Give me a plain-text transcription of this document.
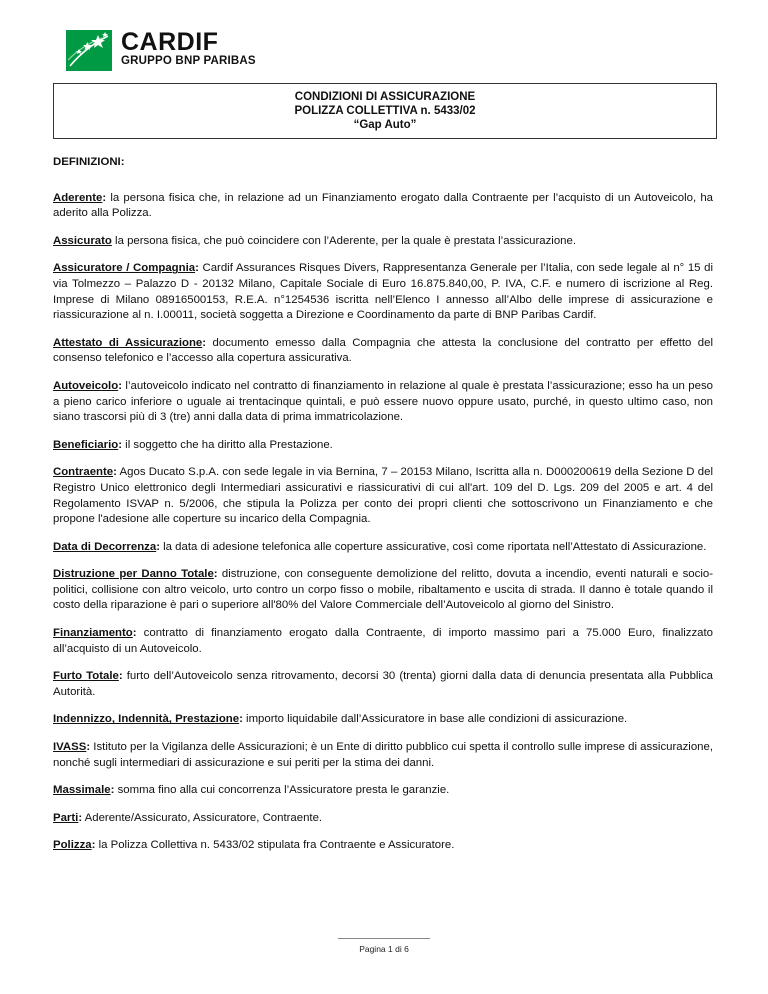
CARDIF
GRUPPO BNP PARIBAS
CONDIZIONI DI ASSICURAZIONE
POLIZZA COLLETTIVA n. 5433/02
“Gap Auto”

DEFINIZIONI:

Aderente: la persona fisica che, in relazione ad un Finanziamento erogato dalla Contraente per l’acquisto di un Autoveicolo, ha aderito alla Polizza.

Assicurato la persona fisica, che può coincidere con l’Aderente, per la quale è prestata l’assicurazione.

Assicuratore / Compagnia: Cardif Assurances Risques Divers, Rappresentanza Generale per l’Italia, con sede legale al n° 15 di via Tolmezzo – Palazzo D - 20132 Milano, Capitale Sociale di Euro 16.875.840,00, P. IVA, C.F. e numero di iscrizione al Reg. Imprese di Milano 08916500153, R.E.A. n°1254536 iscritta nell’Elenco I annesso all’Albo delle imprese di assicurazione e riassicurazione al n. I.00011, società soggetta a Direzione e Coordinamento da parte di BNP Paribas Cardif.

Attestato di Assicurazione: documento emesso dalla Compagnia che attesta la conclusione del contratto per effetto del consenso telefonico e l’accesso alla copertura assicurativa.

Autoveicolo: l’autoveicolo indicato nel contratto di finanziamento in relazione al quale è prestata l’assicurazione; esso ha un peso a pieno carico inferiore o uguale ai trentacinque quintali, e può essere nuovo oppure usato, purché, in questo ultimo caso, non siano trascorsi più di 3 (tre) anni dalla data di prima immatricolazione.

Beneficiario: il soggetto che ha diritto alla Prestazione.

Contraente: Agos Ducato S.p.A. con sede legale in via Bernina, 7 – 20153 Milano, Iscritta alla n. D000200619 della Sezione D del Registro Unico elettronico degli Intermediari assicurativi e riassicurativi di cui all'art. 109 del D. Lgs. 209 del 2005 e art. 4 del Regolamento ISVAP n. 5/2006, che stipula la Polizza per conto dei propri clienti che sottoscrivono un Finanziamento e che propone l'adesione alle coperture su incarico della Compagnia.

Data di Decorrenza: la data di adesione telefonica alle coperture assicurative, così come riportata nell’Attestato di Assicurazione.

Distruzione per Danno Totale: distruzione, con conseguente demolizione del relitto, dovuta a incendio, eventi naturali e socio-politici, collisione con altro veicolo, urto contro un corpo fisso o mobile, ribaltamento e uscita di strada. Il danno è totale quando il costo della riparazione è pari o superiore all'80% del Valore Commerciale dell’Autoveicolo al giorno del Sinistro.

Finanziamento: contratto di finanziamento erogato dalla Contraente, di importo massimo pari a 75.000 Euro, finalizzato all’acquisto di un Autoveicolo.

Furto Totale: furto dell’Autoveicolo senza ritrovamento, decorsi 30 (trenta) giorni dalla data di denuncia presentata alla Pubblica Autorità.

Indennizzo, Indennità, Prestazione: importo liquidabile dall’Assicuratore in base alle condizioni di assicurazione.

IVASS: Istituto per la Vigilanza delle Assicurazioni; è un Ente di diritto pubblico cui spetta il controllo sulle imprese di assicurazione, nonché sugli intermediari di assicurazione e sui periti per la stima dei danni.

Massimale: somma fino alla cui concorrenza l’Assicuratore presta le garanzie.

Parti: Aderente/Assicurato, Assicuratore, Contraente.

Polizza: la Polizza Collettiva n. 5433/02 stipulata fra Contraente e Assicuratore.

Pagina 1 di 6
